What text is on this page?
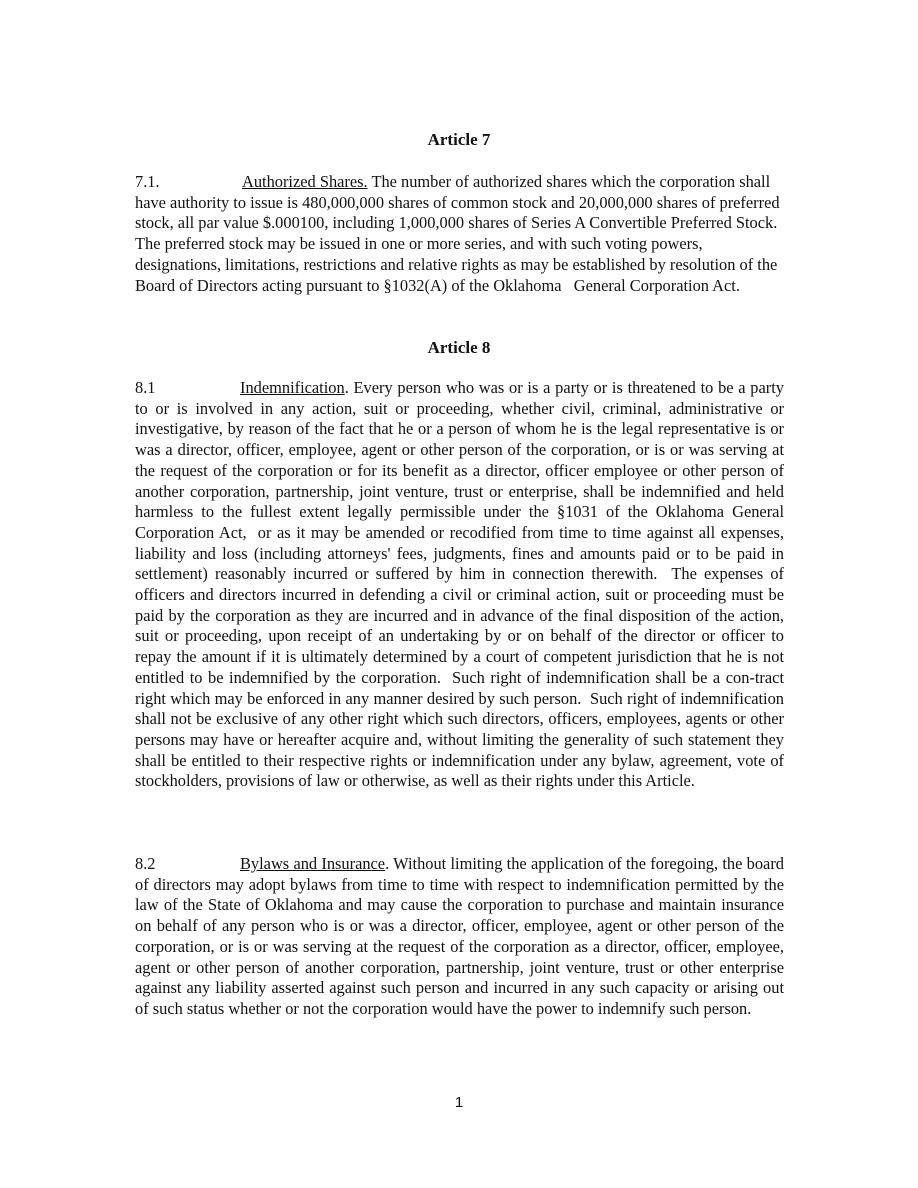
Article 7
7.1.	Authorized Shares. The number of authorized shares which the corporation shall have authority to issue is 480,000,000 shares of common stock and 20,000,000 shares of preferred stock, all par value $.000100, including 1,000,000 shares of Series A Convertible Preferred Stock. The preferred stock may be issued in one or more series, and with such voting powers, designations, limitations, restrictions and relative rights as may be established by resolution of the Board of Directors acting pursuant to §1032(A) of the Oklahoma   General Corporation Act.
Article 8
8.1	Indemnification. Every person who was or is a party or is threatened to be a party to or is involved in any action, suit or proceeding, whether civil, criminal, administrative or investigative, by reason of the fact that he or a person of whom he is the legal representative is or was a director, officer, employee, agent or other person of the corporation, or is or was serving at the request of the corporation or for its benefit as a director, officer employee or other person of another corporation, partnership, joint venture, trust or enterprise, shall be indemnified and held harmless to the fullest extent legally permissible under the §1031 of the Oklahoma General Corporation Act,  or as it may be amended or recodified from time to time against all expenses, liability and loss (including attorneys' fees, judgments, fines and amounts paid or to be paid in settlement) reasonably incurred or suffered by him in connection therewith.  The expenses of officers and directors incurred in defending a civil or criminal action, suit or proceeding must be paid by the corporation as they are incurred and in advance of the final disposition of the action, suit or proceeding, upon receipt of an undertaking by or on behalf of the director or officer to repay the amount if it is ultimately determined by a court of competent jurisdiction that he is not entitled to be indemnified by the corporation.  Such right of indemnification shall be a con-tract right which may be enforced in any manner desired by such person.  Such right of indemnification shall not be exclusive of any other right which such directors, officers, employees, agents or other persons may have or hereafter acquire and, without limiting the generality of such statement they shall be entitled to their respective rights or indemnification under any bylaw, agreement, vote of stockholders, provisions of law or otherwise, as well as their rights under this Article.
8.2	Bylaws and Insurance. Without limiting the application of the foregoing, the board of directors may adopt bylaws from time to time with respect to indemnification permitted by the law of the State of Oklahoma and may cause the corporation to purchase and maintain insurance on behalf of any person who is or was a director, officer, employee, agent or other person of the corporation, or is or was serving at the request of the corporation as a director, officer, employee, agent or other person of another corporation, partnership, joint venture, trust or other enterprise against any liability asserted against such person and incurred in any such capacity or arising out of such status whether or not the corporation would have the power to indemnify such person.
1
